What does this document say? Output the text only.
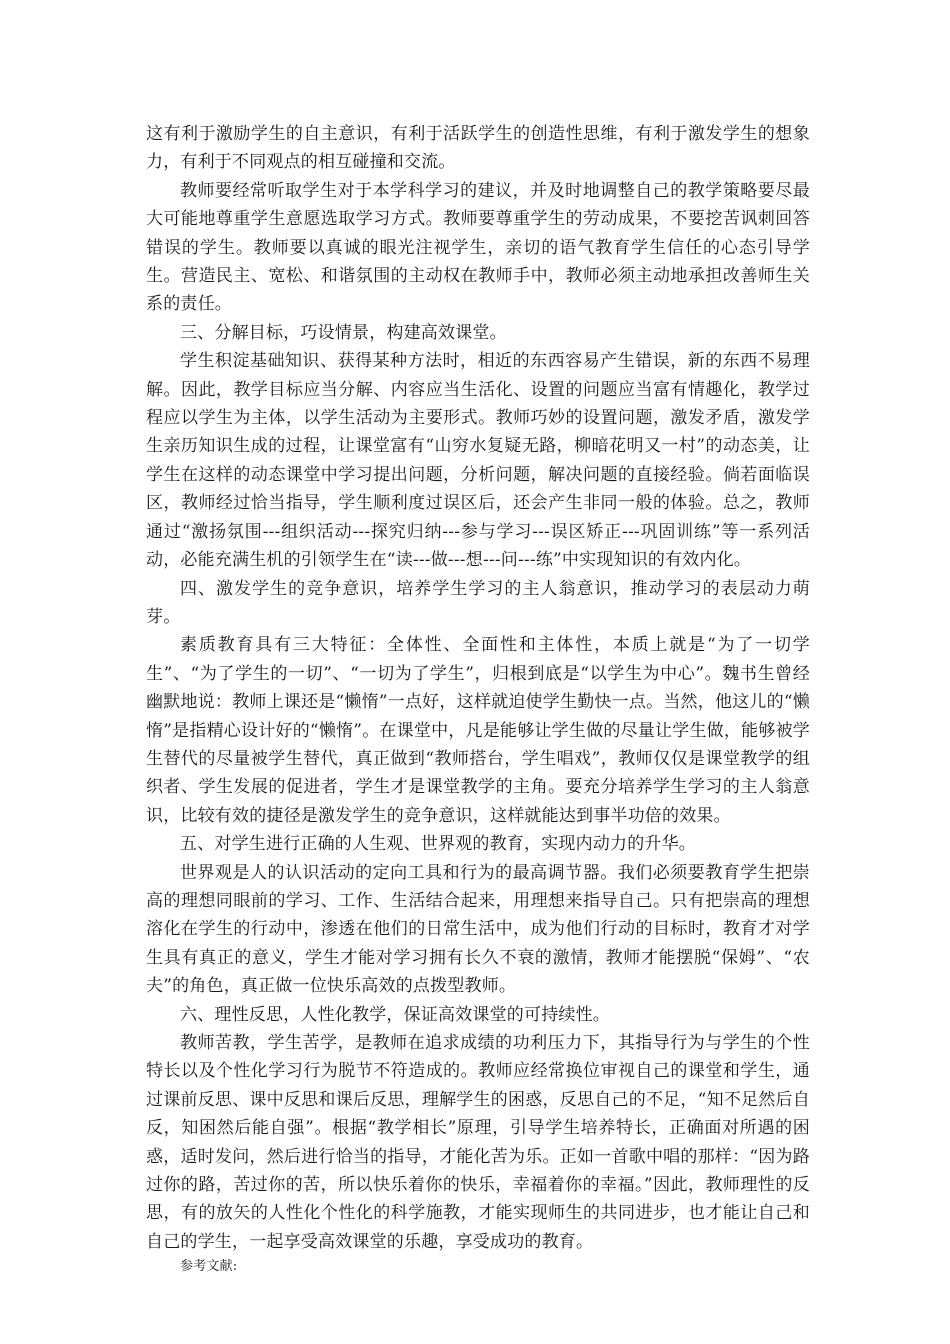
这有利于激励学生的自主意识，有利于活跃学生的创造性思维，有利于激发学生的想象力，有利于不同观点的相互碰撞和交流。

教师要经常听取学生对于本学科学习的建议，并及时地调整自己的教学策略要尽最大可能地尊重学生意愿选取学习方式。教师要尊重学生的劳动成果，不要挖苦讽刺回答错误的学生。教师要以真诚的眼光注视学生，亲切的语气教育学生信任的心态引导学生。营造民主、宽松、和谐氛围的主动权在教师手中，教师必须主动地承担改善师生关系的责任。

三、分解目标，巧设情景，构建高效课堂。

学生积淀基础知识、获得某种方法时，相近的东西容易产生错误，新的东西不易理解。因此，教学目标应当分解、内容应当生活化、设置的问题应当富有情趣化，教学过程应以学生为主体，以学生活动为主要形式。教师巧妙的设置问题，激发矛盾，激发学生亲历知识生成的过程，让课堂富有“山穷水复疑无路，柳暗花明又一村”的动态美，让学生在这样的动态课堂中学习提出问题，分析问题，解决问题的直接经验。倘若面临误区，教师经过恰当指导，学生顺利度过误区后，还会产生非同一般的体验。总之，教师通过“激扬氛围---组织活动---探究归纳---参与学习---误区矫正---巩固训练”等一系列活动，必能充满生机的引领学生在“读---做---想---问---练”中实现知识的有效内化。

四、激发学生的竞争意识，培养学生学习的主人翁意识，推动学习的表层动力萌芽。

素质教育具有三大特征：全体性、全面性和主体性，本质上就是“为了一切学生”、“为了学生的一切”、“一切为了学生”，归根到底是“以学生为中心”。魏书生曾经幽默地说：教师上课还是“懒惰”一点好，这样就迫使学生勤快一点。当然，他这儿的“懒惰”是指精心设计好的“懒惰”。在课堂中，凡是能够让学生做的尽量让学生做，能够被学生替代的尽量被学生替代，真正做到“教师搭台，学生唱戏”，教师仅仅是课堂教学的组织者、学生发展的促进者，学生才是课堂教学的主角。要充分培养学生学习的主人翁意识，比较有效的捷径是激发学生的竞争意识，这样就能达到事半功倍的效果。

五、对学生进行正确的人生观、世界观的教育，实现内动力的升华。

世界观是人的认识活动的定向工具和行为的最高调节器。我们必须要教育学生把崇高的理想同眼前的学习、工作、生活结合起来，用理想来指导自己。只有把崇高的理想溶化在学生的行动中，渗透在他们的日常生活中，成为他们行动的目标时，教育才对学生具有真正的意义，学生才能对学习拥有长久不衰的激情，教师才能摆脱“保姆”、“农夫”的角色，真正做一位快乐高效的点拨型教师。

六、理性反思，人性化教学，保证高效课堂的可持续性。

教师苦教，学生苦学，是教师在追求成绩的功利压力下，其指导行为与学生的个性特长以及个性化学习行为脱节不符造成的。教师应经常换位审视自己的课堂和学生，通过课前反思、课中反思和课后反思，理解学生的困惑，反思自己的不足，“知不足然后自反，知困然后能自强”。根据“教学相长”原理，引导学生培养特长，正确面对所遇的困惑，适时发问，然后进行恰当的指导，才能化苦为乐。正如一首歌中唱的那样：“因为路过你的路，苦过你的苦，所以快乐着你的快乐，幸福着你的幸福。”因此，教师理性的反思，有的放矢的人性化个性化的科学施教，才能实现师生的共同进步，也才能让自己和自己的学生，一起享受高效课堂的乐趣，享受成功的教育。

参考文献:
